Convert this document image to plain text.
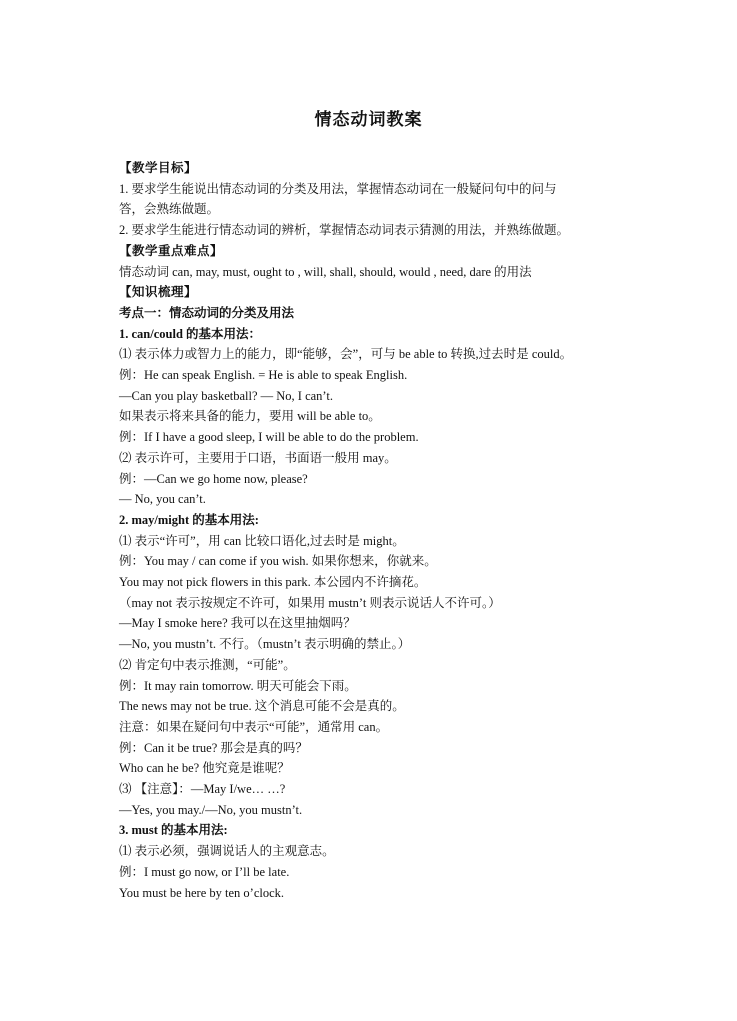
情态动词教案
【教学目标】
1. 要求学生能说出情态动词的分类及用法，掌握情态动词在一般疑问句中的问与
答，会熟练做题。
2. 要求学生能进行情态动词的辨析，掌握情态动词表示猜测的用法，并熟练做题。
【教学重点难点】
情态动词 can, may, must, ought to , will, shall, should, would , need, dare 的用法
【知识梳理】
考点一：情态动词的分类及用法
1. can/could 的基本用法：
⑴ 表示体力或智力上的能力，即“能够，会”，可与 be able to 转换,过去时是 could。
例：He can speak English. = He is able to speak English.
—Can you play basketball? — No, I can’t.
如果表示将来具备的能力，要用 will be able to。
例：If I have a good sleep, I will be able to do the problem.
⑵ 表示许可，主要用于口语，书面语一般用 may。
例：—Can we go home now, please?
— No, you can’t.
2. may/might 的基本用法:
⑴ 表示“许可”，用 can 比较口语化,过去时是 might。
例：You may / can come if you wish. 如果你想来，你就来。
You may not pick flowers in this park. 本公园内不许摘花。
（may not 表示按规定不许可，如果用 mustn’t 则表示说话人不许可。）
—May I smoke here? 我可以在这里抽烟吗？
—No, you mustn’t. 不行。（mustn’t 表示明确的禁止。）
⑵ 肯定句中表示推测，“可能”。
例：It may rain tomorrow. 明天可能会下雨。
The news may not be true. 这个消息可能不会是真的。
注意：如果在疑问句中表示“可能”，通常用 can。
例：Can it be true? 那会是真的吗？
Who can he be? 他究竟是谁呢？
⑶ 【注意】：—May I/we… …?
—Yes, you may./—No, you mustn’t.
3. must 的基本用法:
⑴ 表示必须，强调说话人的主观意志。
例：I must go now, or I’ll be late.
You must be here by ten o’clock.
